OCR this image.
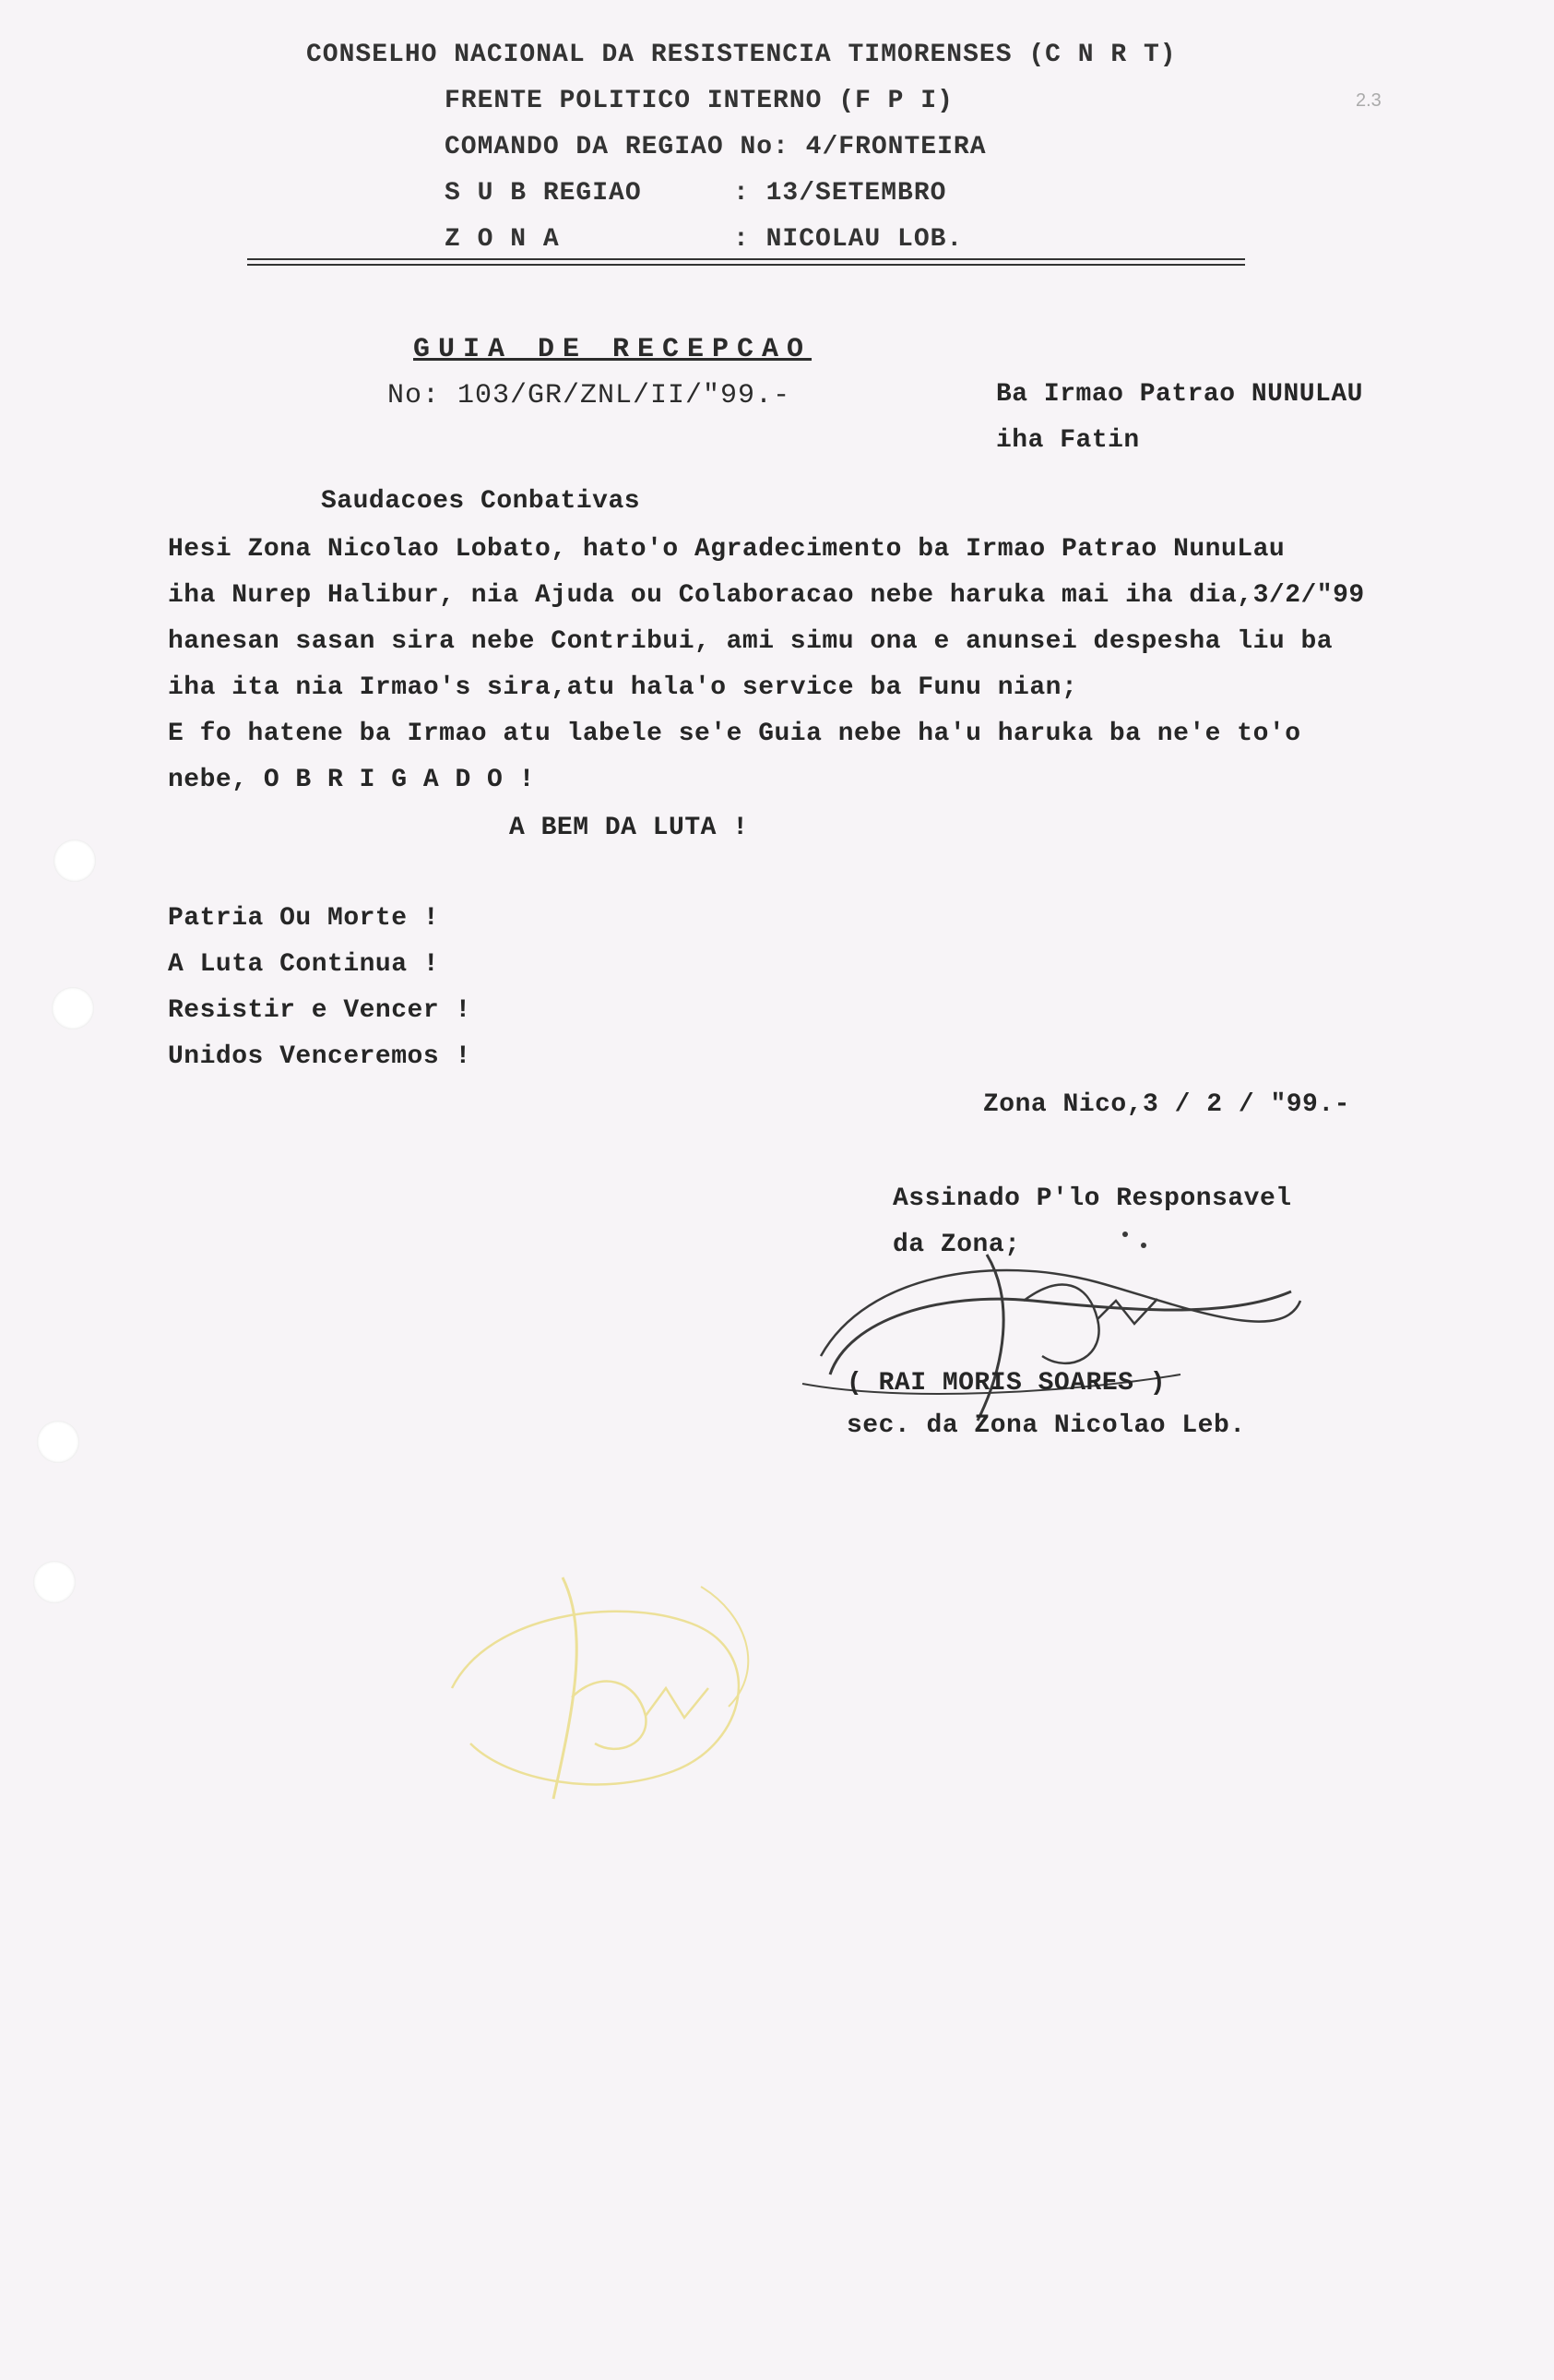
2.3
CONSELHO NACIONAL DA RESISTENCIA TIMORENSES (C N R T)
FRENTE POLITICO INTERNO (F P I)
COMANDO DA REGIAO No: 4/FRONTEIRA
S U B REGIAO	: 13/SETEMBRO
Z O N A	: NICOLAU LOB.
GUIA DE RECEPCAO
No: 103/GR/ZNL/II/"99.-	Ba Irmao Patrao NUNULAU
iha Fatin
Saudacoes Conbativas
Hesi Zona Nicolao Lobato, hato'o Agradecimento ba Irmao Patrao NunuLau
iha Nurep Halibur, nia Ajuda ou Colaboracao nebe haruka mai iha dia,3/2/"99
hanesan sasan sira nebe Contribui, ami simu ona e anunsei despesha liu ba
iha ita nia Irmao's sira,atu hala'o service ba Funu nian;
E fo hatene ba Irmao atu labele se'e Guia nebe ha'u haruka ba ne'e to'o
nebe, O B R I G A D O !
A BEM DA LUTA !
Patria Ou Morte !
A Luta Continua !
Resistir e Vencer !
Unidos Venceremos !
Zona Nico,3 / 2 / "99.-
Assinado P'lo Responsavel
da Zona;
( RAI MORIS SOARES )
sec. da Zona Nicolao Leb.
